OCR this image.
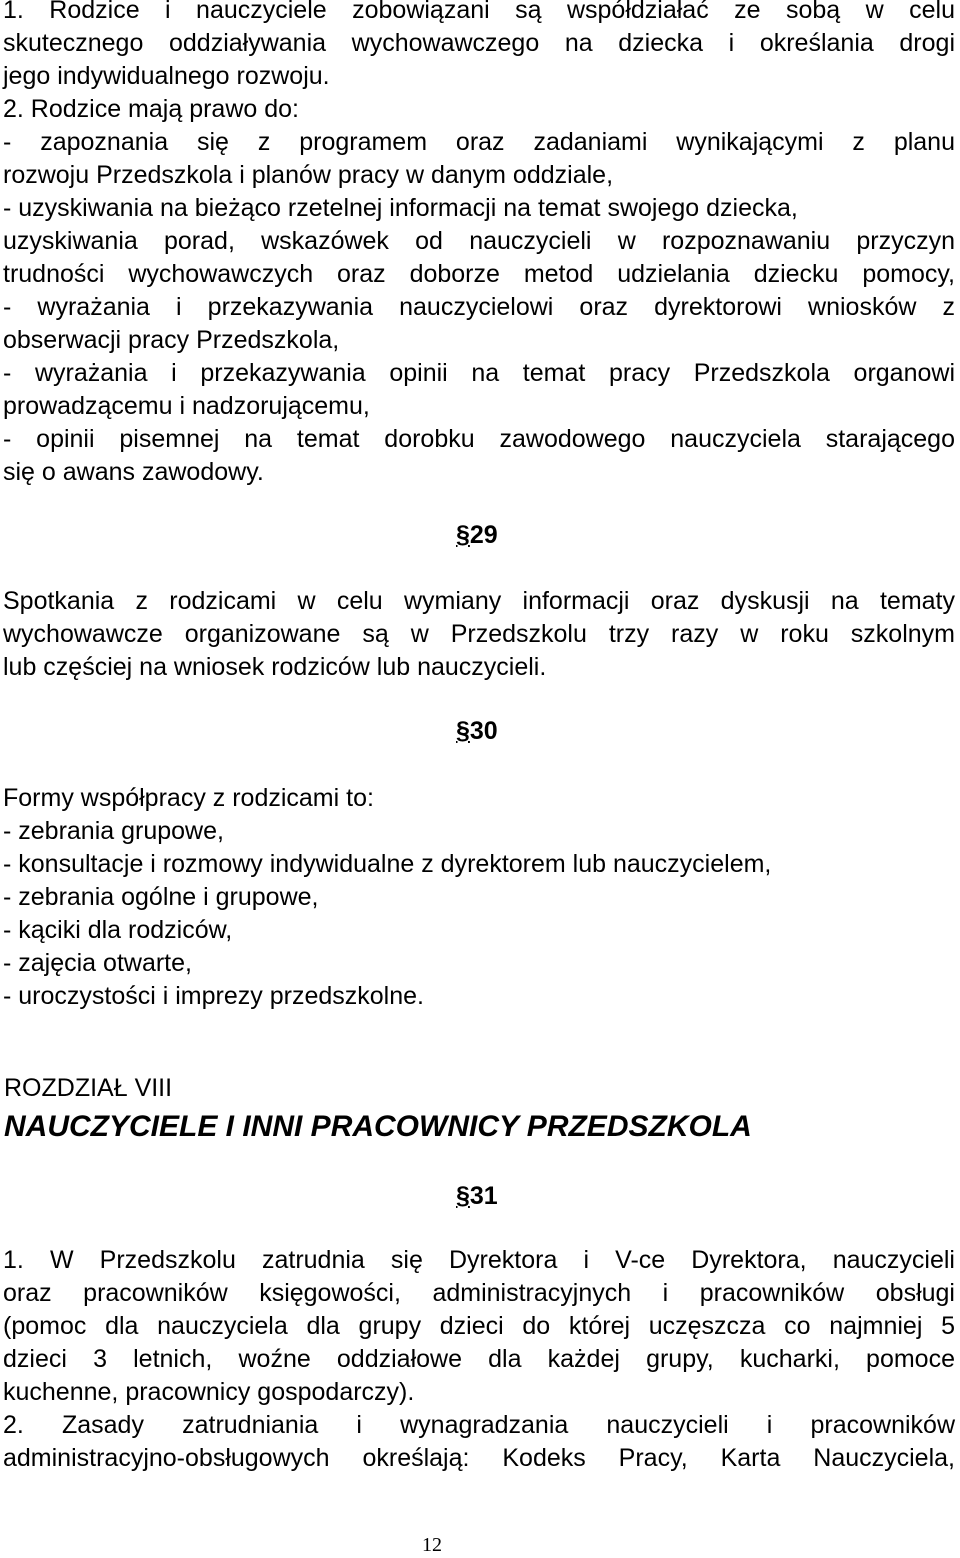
1. Rodzice i nauczyciele zobowiązani są współdziałać ze sobą w celu
skutecznego oddziaływania wychowawczego na dziecka i określania drogi
jego indywidualnego rozwoju.
2. Rodzice mają prawo do:
- zapoznania się z programem oraz zadaniami wynikającymi z planu
rozwoju Przedszkola i planów pracy w danym oddziale,
- uzyskiwania na bieżąco rzetelnej informacji na temat swojego dziecka,
uzyskiwania porad, wskazówek od nauczycieli w rozpoznawaniu przyczyn
trudności wychowawczych oraz doborze metod udzielania dziecku pomocy,
- wyrażania i przekazywania nauczycielowi oraz dyrektorowi wniosków z
obserwacji pracy Przedszkola,
- wyrażania i przekazywania opinii na temat pracy Przedszkola organowi
prowadzącemu i nadzorującemu,
- opinii pisemnej na temat dorobku zawodowego nauczyciela starającego
się o awans zawodowy.
§29
Spotkania z rodzicami w celu wymiany informacji oraz dyskusji na tematy
wychowawcze organizowane są w Przedszkolu trzy razy w roku szkolnym
lub częściej na wniosek rodziców lub nauczycieli.
§30
Formy współpracy z rodzicami to:
- zebrania grupowe,
- konsultacje i rozmowy indywidualne z dyrektorem lub nauczycielem,
- zebrania ogólne i grupowe,
- kąciki dla rodziców,
- zajęcia otwarte,
- uroczystości i imprezy przedszkolne.
ROZDZIAŁ VIII
NAUCZYCIELE I INNI PRACOWNICY PRZEDSZKOLA
§31
1. W Przedszkolu zatrudnia się Dyrektora i V-ce Dyrektora, nauczycieli
oraz pracowników księgowości, administracyjnych i pracowników obsługi
(pomoc dla nauczyciela dla grupy dzieci do której uczęszcza co najmniej 5
dzieci 3 letnich, woźne oddziałowe dla każdej grupy, kucharki, pomoce
kuchenne, pracownicy gospodarczy).
2. Zasady zatrudniania i wynagradzania nauczycieli i pracowników
administracyjno-obsługowych określają: Kodeks Pracy, Karta Nauczyciela,
12
